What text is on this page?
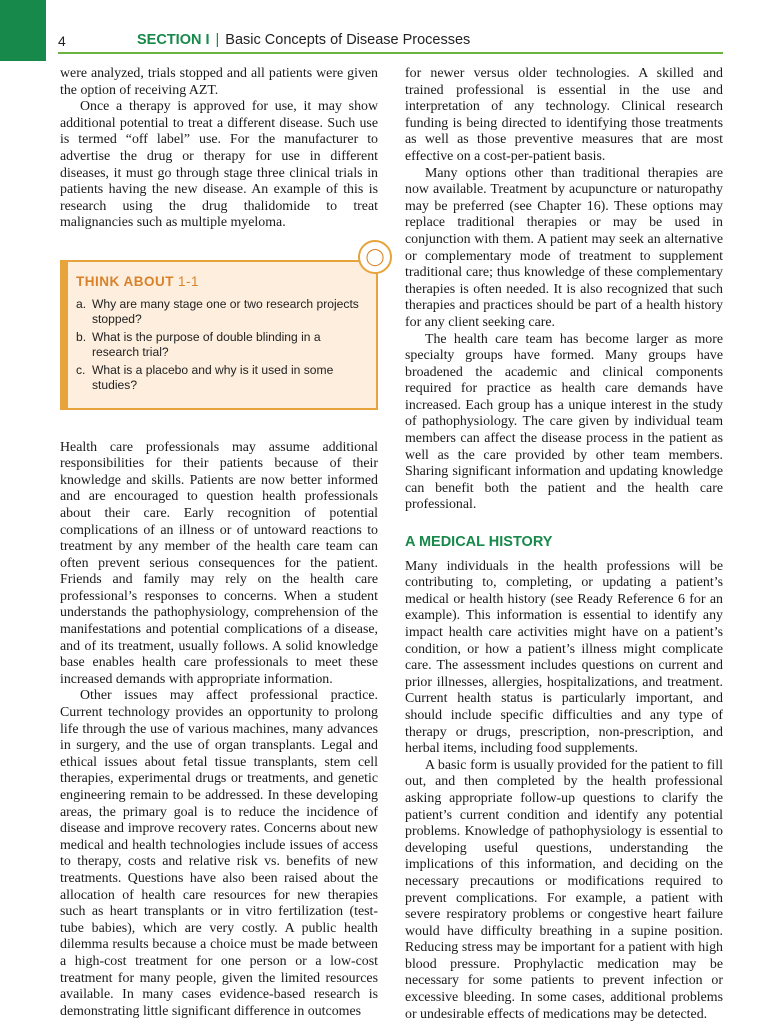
4	SECTION I | Basic Concepts of Disease Processes

were analyzed, trials stopped and all patients were given the option of receiving AZT.

Once a therapy is approved for use, it may show additional potential to treat a different disease. Such use is termed “off label” use. For the manufacturer to advertise the drug or therapy for use in different diseases, it must go through stage three clinical trials in patients having the new disease. An example of this is research using the drug thalidomide to treat malignancies such as multiple myeloma.

◯
THINK ABOUT 1-1
a. Why are many stage one or two research projects stopped?
b. What is the purpose of double blinding in a research trial?
c. What is a placebo and why is it used in some studies?

Health care professionals may assume additional responsibilities for their patients because of their knowledge and skills. Patients are now better informed and are encouraged to question health professionals about their care. Early recognition of potential complications of an illness or of untoward reactions to treatment by any member of the health care team can often prevent serious consequences for the patient. Friends and family may rely on the health care professional’s responses to concerns. When a student understands the pathophysiology, comprehension of the manifestations and potential complications of a disease, and of its treatment, usually follows. A solid knowledge base enables health care professionals to meet these increased demands with appropriate information.

Other issues may affect professional practice. Current technology provides an opportunity to prolong life through the use of various machines, many advances in surgery, and the use of organ transplants. Legal and ethical issues about fetal tissue transplants, stem cell therapies, experimental drugs or treatments, and genetic engineering remain to be addressed. In these developing areas, the primary goal is to reduce the incidence of disease and improve recovery rates. Concerns about new medical and health technologies include issues of access to therapy, costs and relative risk vs. benefits of new treatments. Questions have also been raised about the allocation of health care resources for new therapies such as heart transplants or in vitro fertilization (test-tube babies), which are very costly. A public health dilemma results because a choice must be made between a high-cost treatment for one person or a low-cost treatment for many people, given the limited resources available. In many cases evidence-based research is demonstrating little significant difference in outcomes

for newer versus older technologies. A skilled and trained professional is essential in the use and interpretation of any technology. Clinical research funding is being directed to identifying those treatments as well as those preventive measures that are most effective on a cost-per-patient basis.

Many options other than traditional therapies are now available. Treatment by acupuncture or naturopathy may be preferred (see Chapter 16). These options may replace traditional therapies or may be used in conjunction with them. A patient may seek an alternative or complementary mode of treatment to supplement traditional care; thus knowledge of these complementary therapies is often needed. It is also recognized that such therapies and practices should be part of a health history for any client seeking care.

The health care team has become larger as more specialty groups have formed. Many groups have broadened the academic and clinical components required for practice as health care demands have increased. Each group has a unique interest in the study of pathophysiology. The care given by individual team members can affect the disease process in the patient as well as the care provided by other team members. Sharing significant information and updating knowledge can benefit both the patient and the health care professional.

A MEDICAL HISTORY

Many individuals in the health professions will be contributing to, completing, or updating a patient’s medical or health history (see Ready Reference 6 for an example). This information is essential to identify any impact health care activities might have on a patient’s condition, or how a patient’s illness might complicate care. The assessment includes questions on current and prior illnesses, allergies, hospitalizations, and treatment. Current health status is particularly important, and should include specific difficulties and any type of therapy or drugs, prescription, non-prescription, and herbal items, including food supplements.

A basic form is usually provided for the patient to fill out, and then completed by the health professional asking appropriate follow-up questions to clarify the patient’s current condition and identify any potential problems. Knowledge of pathophysiology is essential to developing useful questions, understanding the implications of this information, and deciding on the necessary precautions or modifications required to prevent complications. For example, a patient with severe respiratory problems or congestive heart failure would have difficulty breathing in a supine position. Reducing stress may be important for a patient with high blood pressure. Prophylactic medication may be necessary for some patients to prevent infection or excessive bleeding. In some cases, additional problems or undesirable effects of medications may be detected.
